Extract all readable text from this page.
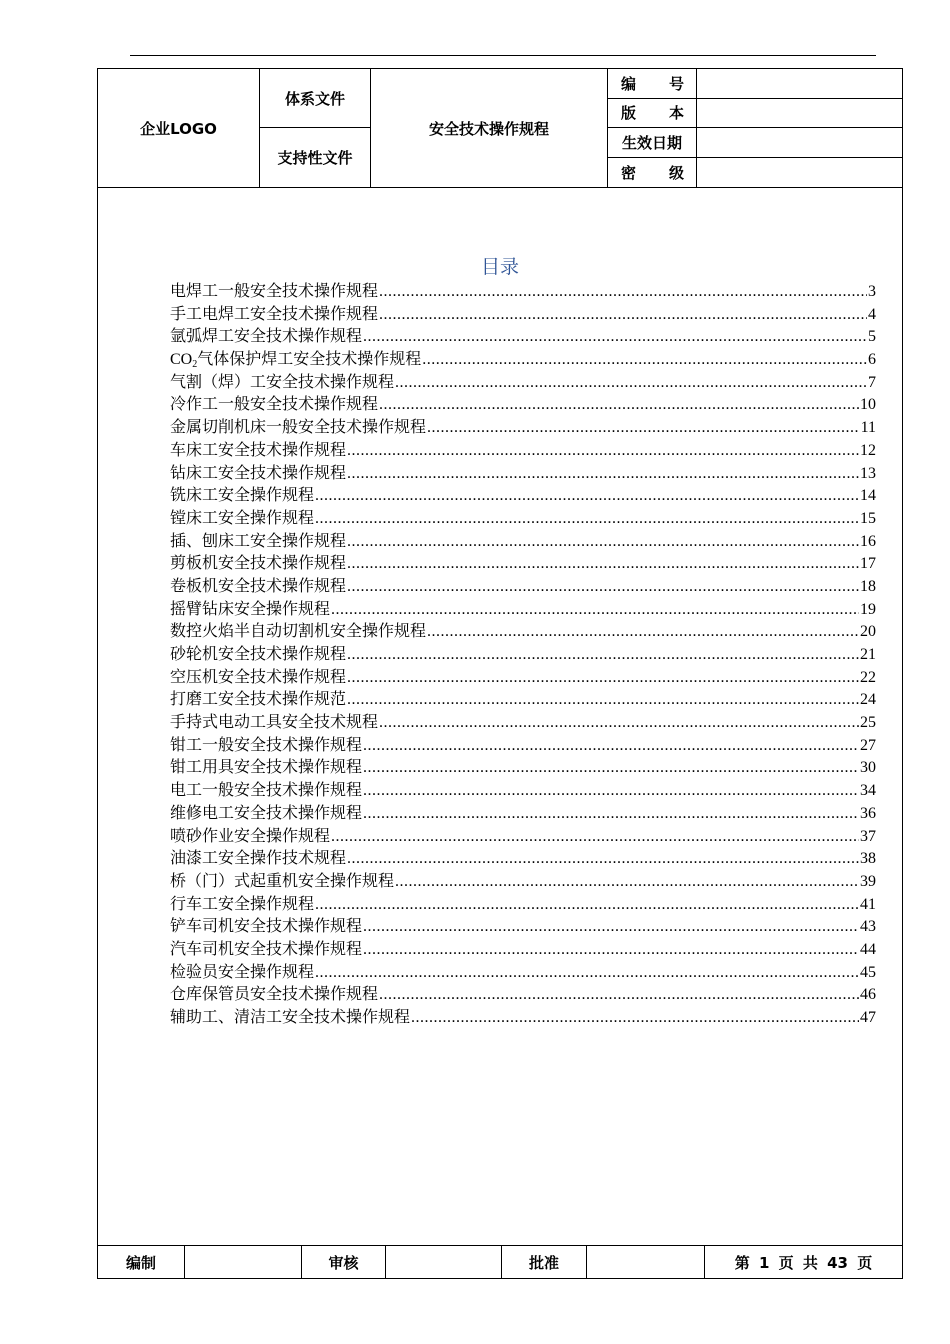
企业LOGO
体系文件
支持性文件
安全技术操作规程
编 号
版 本
生效日期
密 级
目录
电焊工一般安全技术操作规程 .....	3
手工电焊工安全技术操作规程 .....	4
氩弧焊工安全技术操作规程 .....	5
$CO_2$气体保护焊工安全技术操作规程 .....	6
气割（焊）工安全技术操作规程 .....	7
冷作工一般安全技术操作规程 .....	10
金属切削机床一般安全技术操作规程 .....	11
车床工安全技术操作规程 .....	12
钻床工安全技术操作规程 .....	13
铣床工安全操作规程 .....	14
镗床工安全操作规程 .....	15
插、刨床工安全操作规程 .....	16
剪板机安全技术操作规程 .....	17
卷板机安全技术操作规程 .....	18
摇臂钻床安全操作规程 .....	19
数控火焰半自动切割机安全操作规程 .....	20
砂轮机安全技术操作规程 .....	21
空压机安全技术操作规程 .....	22
打磨工安全技术操作规范 .....	24
手持式电动工具安全技术规程 .....	25
钳工一般安全技术操作规程 .....	27
钳工用具安全技术操作规程 .....	30
电工一般安全技术操作规程 .....	34
维修电工安全技术操作规程 .....	36
喷砂作业安全操作规程 .....	37
油漆工安全操作技术规程 .....	38
桥（门）式起重机安全操作规程 .....	39
行车工安全操作规程 .....	41
铲车司机安全技术操作规程 .....	43
汽车司机安全技术操作规程 .....	44
检验员安全操作规程 .....	45
仓库保管员安全技术操作规程 .....	46
辅助工、清洁工安全技术操作规程 .....	47
编制	审核	批准	第 1 页 共 43 页
